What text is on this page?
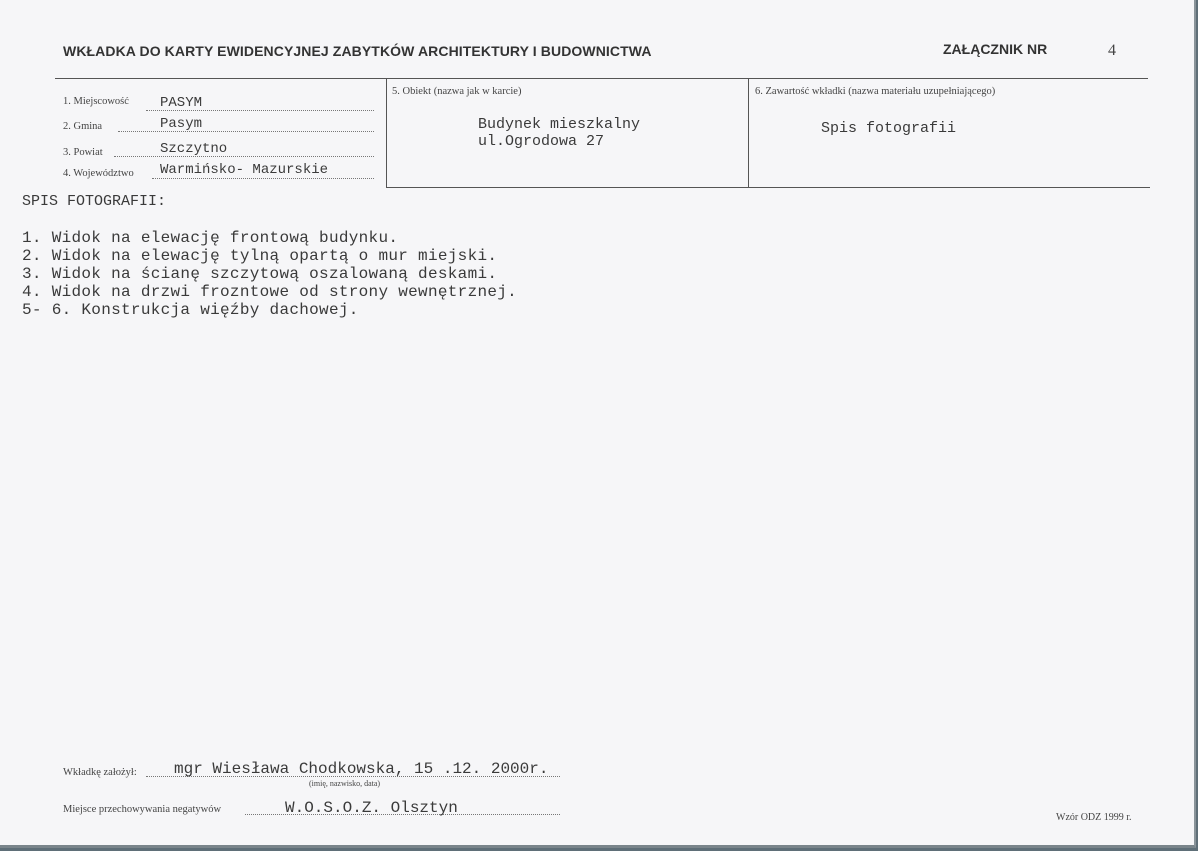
WKŁADKA DO KARTY EWIDENCYJNEJ ZABYTKÓW ARCHITEKTURY I BUDOWNICTWA	ZAŁĄCZNIK NR	4
1. Miejscowość PASYM
2. Gmina	Pasym
3. Powiat	Szczytno
4. Województwo Warmińsko- Mazurskie
5. Obiekt (nazwa jak w karcie)
Budynek mieszkalny
ul.Ogrodowa 27
6. Zawartość wkładki (nazwa materiału uzupełniającego)
Spis fotografii
SPIS FOTOGRAFII:
1. Widok na elewację frontową budynku.
2. Widok na elewację tylną opartą o mur miejski.
3. Widok na ścianę szczytową oszalowaną deskami.
4. Widok na drzwi frozntowe od strony wewnętrznej.
5- 6. Konstrukcja więźby dachowej.
Wkładkę założył: mgr Wiesława Chodkowska, 15 .12. 2000r.
(imię, nazwisko, data)
Miejsce przechowywania negatywów	W.O.S.O.Z. Olsztyn
Wzór ODZ 1999 r.
